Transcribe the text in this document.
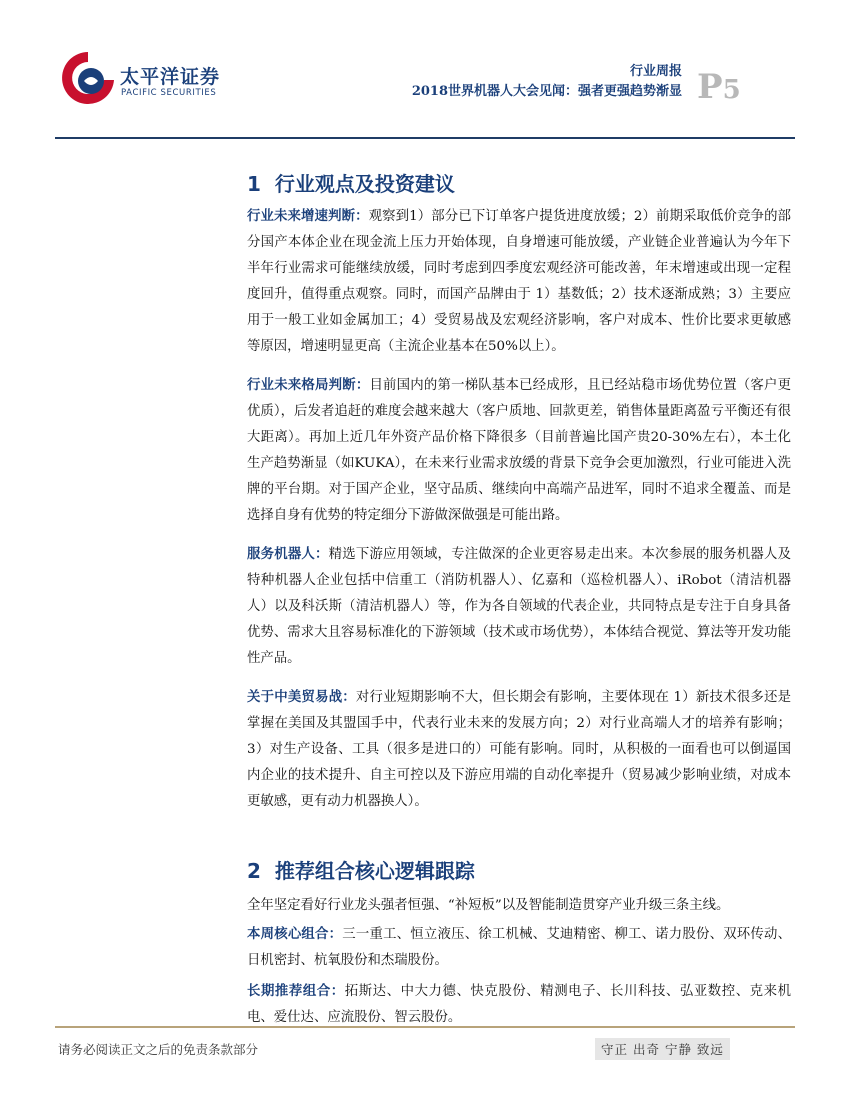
太平洋证券
PACIFIC SECURITIES
行业周报
2018世界机器人大会见闻：强者更强趋势渐显 P5
1 行业观点及投资建议

行业未来增速判断：观察到1）部分已下订单客户提货进度放缓；2）前期采取低价竞争的部分国产本体企业在现金流上压力开始体现，自身增速可能放缓，产业链企业普遍认为今年下半年行业需求可能继续放缓，同时考虑到四季度宏观经济可能改善，年末增速或出现一定程度回升，值得重点观察。同时，而国产品牌由于 1）基数低；2）技术逐渐成熟；3）主要应用于一般工业如金属加工；4）受贸易战及宏观经济影响，客户对成本、性价比要求更敏感等原因，增速明显更高（主流企业基本在50%以上）。

行业未来格局判断：目前国内的第一梯队基本已经成形，且已经站稳市场优势位置（客户更优质），后发者追赶的难度会越来越大（客户质地、回款更差，销售体量距离盈亏平衡还有很大距离）。再加上近几年外资产品价格下降很多（目前普遍比国产贵20-30%左右），本土化生产趋势渐显（如KUKA），在未来行业需求放缓的背景下竞争会更加激烈，行业可能进入洗牌的平台期。对于国产企业，坚守品质、继续向中高端产品进军，同时不追求全覆盖、而是选择自身有优势的特定细分下游做深做强是可能出路。

服务机器人：精选下游应用领域，专注做深的企业更容易走出来。本次参展的服务机器人及特种机器人企业包括中信重工（消防机器人）、亿嘉和（巡检机器人）、iRobot（清洁机器人）以及科沃斯（清洁机器人）等，作为各自领域的代表企业，共同特点是专注于自身具备优势、需求大且容易标准化的下游领域（技术或市场优势），本体结合视觉、算法等开发功能性产品。

关于中美贸易战：对行业短期影响不大，但长期会有影响，主要体现在 1）新技术很多还是掌握在美国及其盟国手中，代表行业未来的发展方向；2）对行业高端人才的培养有影响；3）对生产设备、工具（很多是进口的）可能有影响。同时，从积极的一面看也可以倒逼国内企业的技术提升、自主可控以及下游应用端的自动化率提升（贸易减少影响业绩，对成本更敏感，更有动力机器换人）。

2 推荐组合核心逻辑跟踪

全年坚定看好行业龙头强者恒强、“补短板”以及智能制造贯穿产业升级三条主线。

本周核心组合：三一重工、恒立液压、徐工机械、艾迪精密、柳工、诺力股份、双环传动、日机密封、杭氧股份和杰瑞股份。

长期推荐组合：拓斯达、中大力德、快克股份、精测电子、长川科技、弘亚数控、克来机电、爱仕达、应流股份、智云股份。

请务必阅读正文之后的免责条款部分	守正 出奇 宁静 致远
